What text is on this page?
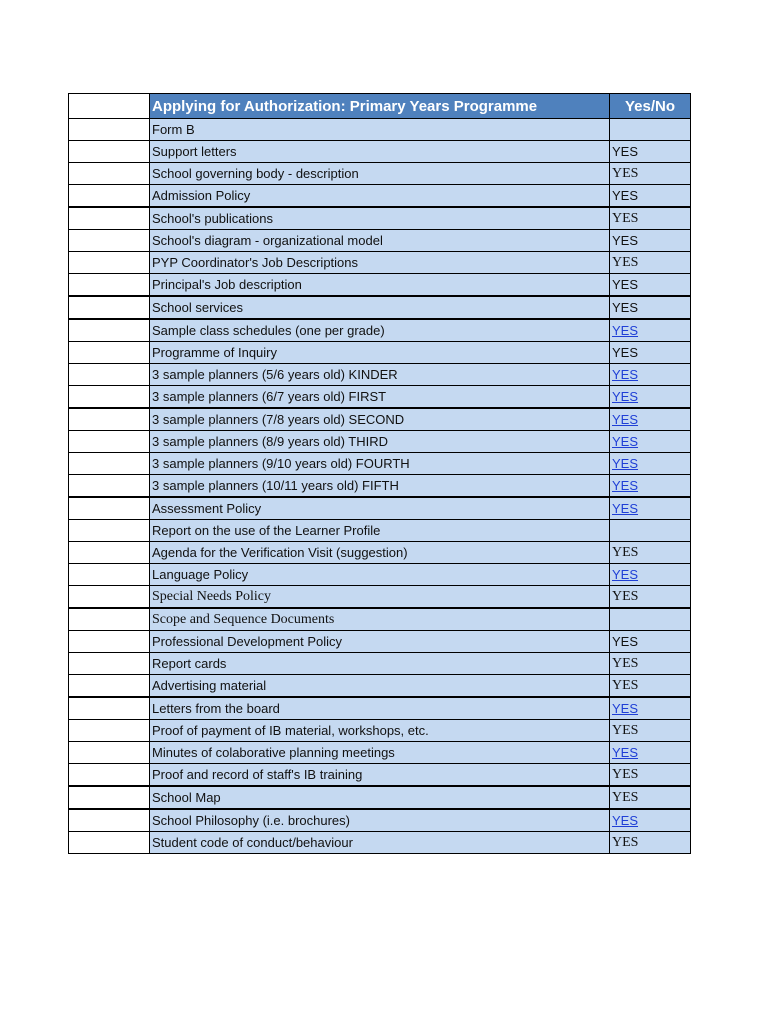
	Applying for Authorization: Primary Years Programme	Yes/No
	Form B	
	Support letters	YES
	School governing body - description	YES
	Admission Policy	YES
	School's publications	YES
	School's diagram - organizational model	YES
	PYP Coordinator's Job Descriptions	YES
	Principal's Job description	YES
	School services	YES
	Sample class schedules (one per grade)	YES
	Programme of Inquiry	YES
	3 sample planners (5/6 years old) KINDER	YES
	3 sample planners (6/7 years old) FIRST	YES
	3 sample planners (7/8 years old) SECOND	YES
	3 sample planners (8/9 years old) THIRD	YES
	3 sample planners (9/10 years old) FOURTH	YES
	3 sample planners (10/11 years old) FIFTH	YES
	Assessment Policy	YES
	Report on the use of the Learner Profile	
	Agenda for the Verification Visit (suggestion)	YES
	Language Policy	YES
	Special Needs Policy	YES
	Scope and Sequence Documents	
	Professional Development Policy	YES
	Report cards	YES
	Advertising material	YES
	Letters from the board	YES
	Proof of payment of IB material, workshops, etc.	YES
	Minutes of colaborative planning meetings	YES
	Proof and record of staff's IB training	YES
	School Map	YES
	School Philosophy (i.e. brochures)	YES
	Student code of conduct/behaviour	YES
